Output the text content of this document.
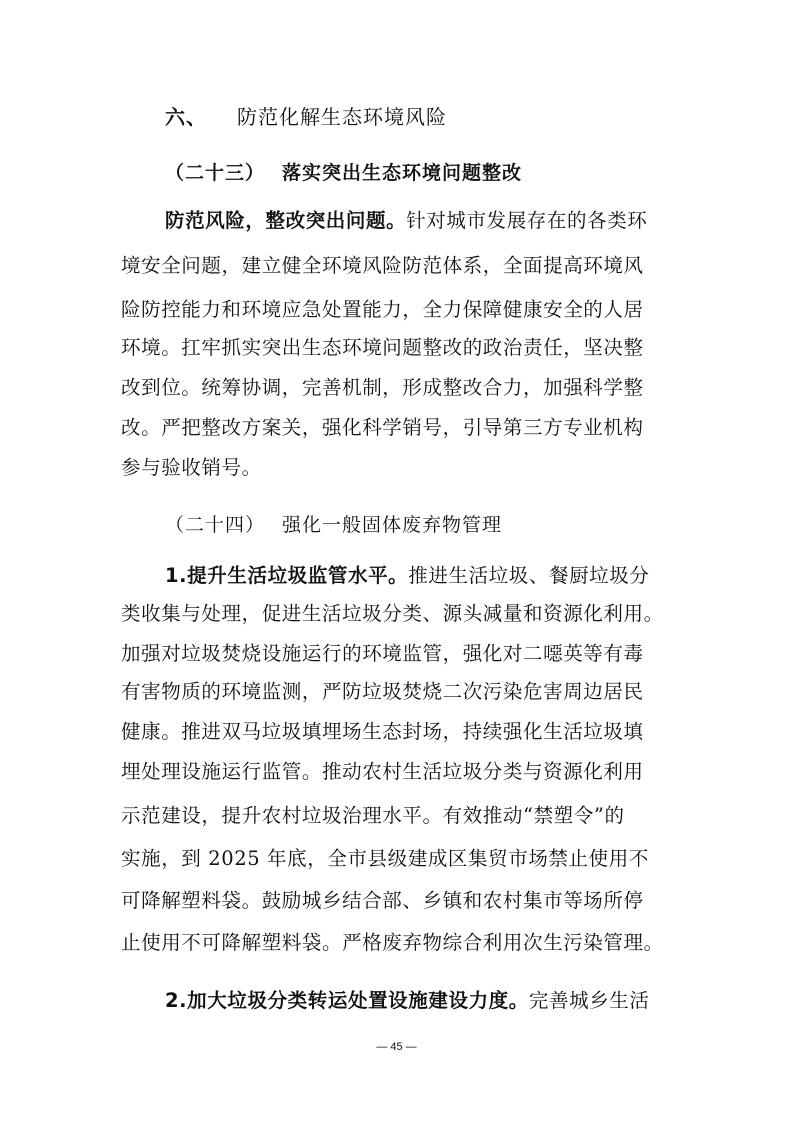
六、 防范化解生态环境风险
（二十三） 落实突出生态环境问题整改
防范风险，整改突出问题。针对城市发展存在的各类环
境安全问题，建立健全环境风险防范体系，全面提高环境风
险防控能力和环境应急处置能力，全力保障健康安全的人居
环境。扛牢抓实突出生态环境问题整改的政治责任，坚决整
改到位。统筹协调，完善机制，形成整改合力，加强科学整
改。严把整改方案关，强化科学销号，引导第三方专业机构
参与验收销号。
（二十四） 强化一般固体废弃物管理
1.提升生活垃圾监管水平。推进生活垃圾、餐厨垃圾分
类收集与处理，促进生活垃圾分类、源头减量和资源化利用。
加强对垃圾焚烧设施运行的环境监管，强化对二噁英等有毒
有害物质的环境监测，严防垃圾焚烧二次污染危害周边居民
健康。推进双马垃圾填埋场生态封场，持续强化生活垃圾填
埋处理设施运行监管。推动农村生活垃圾分类与资源化利用
示范建设，提升农村垃圾治理水平。有效推动“禁塑令”的
实施，到 2025 年底，全市县级建成区集贸市场禁止使用不
可降解塑料袋。鼓励城乡结合部、乡镇和农村集市等场所停
止使用不可降解塑料袋。严格废弃物综合利用次生污染管理。
2.加大垃圾分类转运处置设施建设力度。完善城乡生活
— 45 —
